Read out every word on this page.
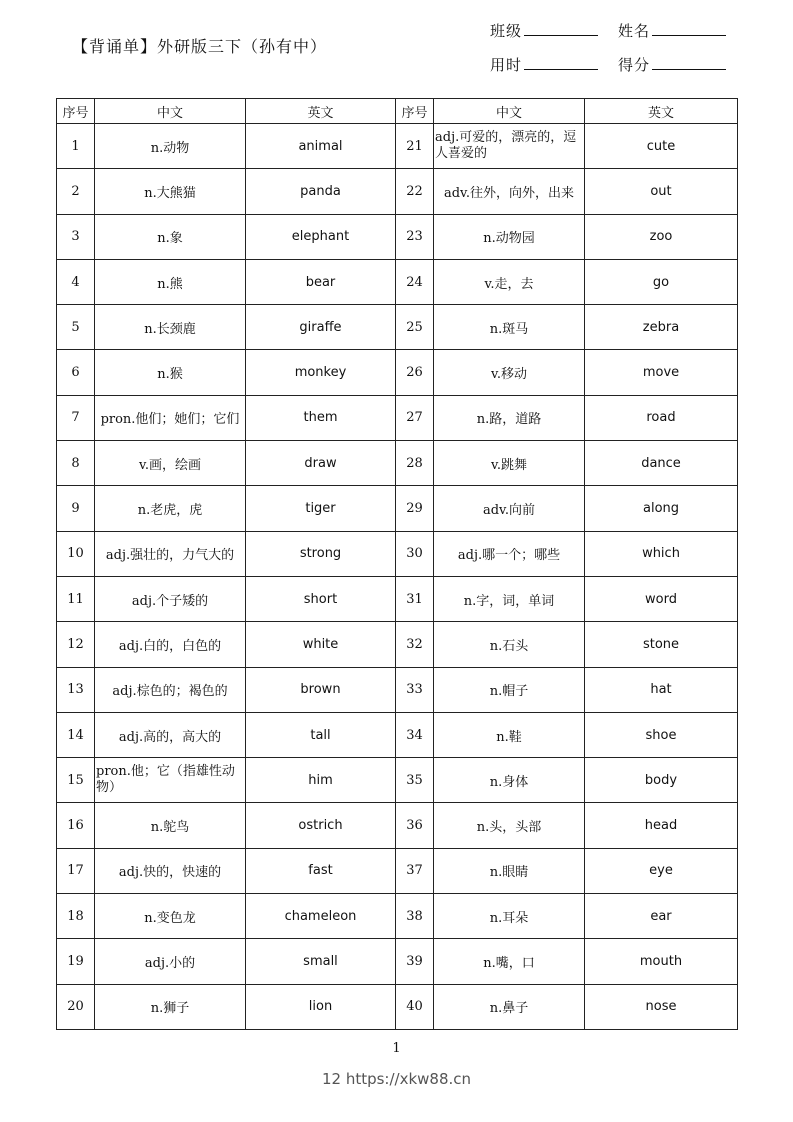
【背诵单】外研版三下（孙有中）
班级	姓名
用时	得分
序号	中文	英文	序号	中文	英文
1	n.动物	animal	21	adj.可爱的，漂亮的，逗人喜爱的	cute
2	n.大熊猫	panda	22	adv.往外，向外，出来	out
3	n.象	elephant	23	n.动物园	zoo
4	n.熊	bear	24	v.走，去	go
5	n.长颈鹿	giraffe	25	n.斑马	zebra
6	n.猴	monkey	26	v.移动	move
7	pron.他们；她们；它们	them	27	n.路，道路	road
8	v.画，绘画	draw	28	v.跳舞	dance
9	n.老虎，虎	tiger	29	adv.向前	along
10	adj.强壮的，力气大的	strong	30	adj.哪一个；哪些	which
11	adj.个子矮的	short	31	n.字，词，单词	word
12	adj.白的，白色的	white	32	n.石头	stone
13	adj.棕色的；褐色的	brown	33	n.帽子	hat
14	adj.高的，高大的	tall	34	n.鞋	shoe
15	pron.他；它（指雄性动物）	him	35	n.身体	body
16	n.鸵鸟	ostrich	36	n.头，头部	head
17	adj.快的，快速的	fast	37	n.眼睛	eye
18	n.变色龙	chameleon	38	n.耳朵	ear
19	adj.小的	small	39	n.嘴，口	mouth
20	n.狮子	lion	40	n.鼻子	nose
1
12 https://xkw88.cn
